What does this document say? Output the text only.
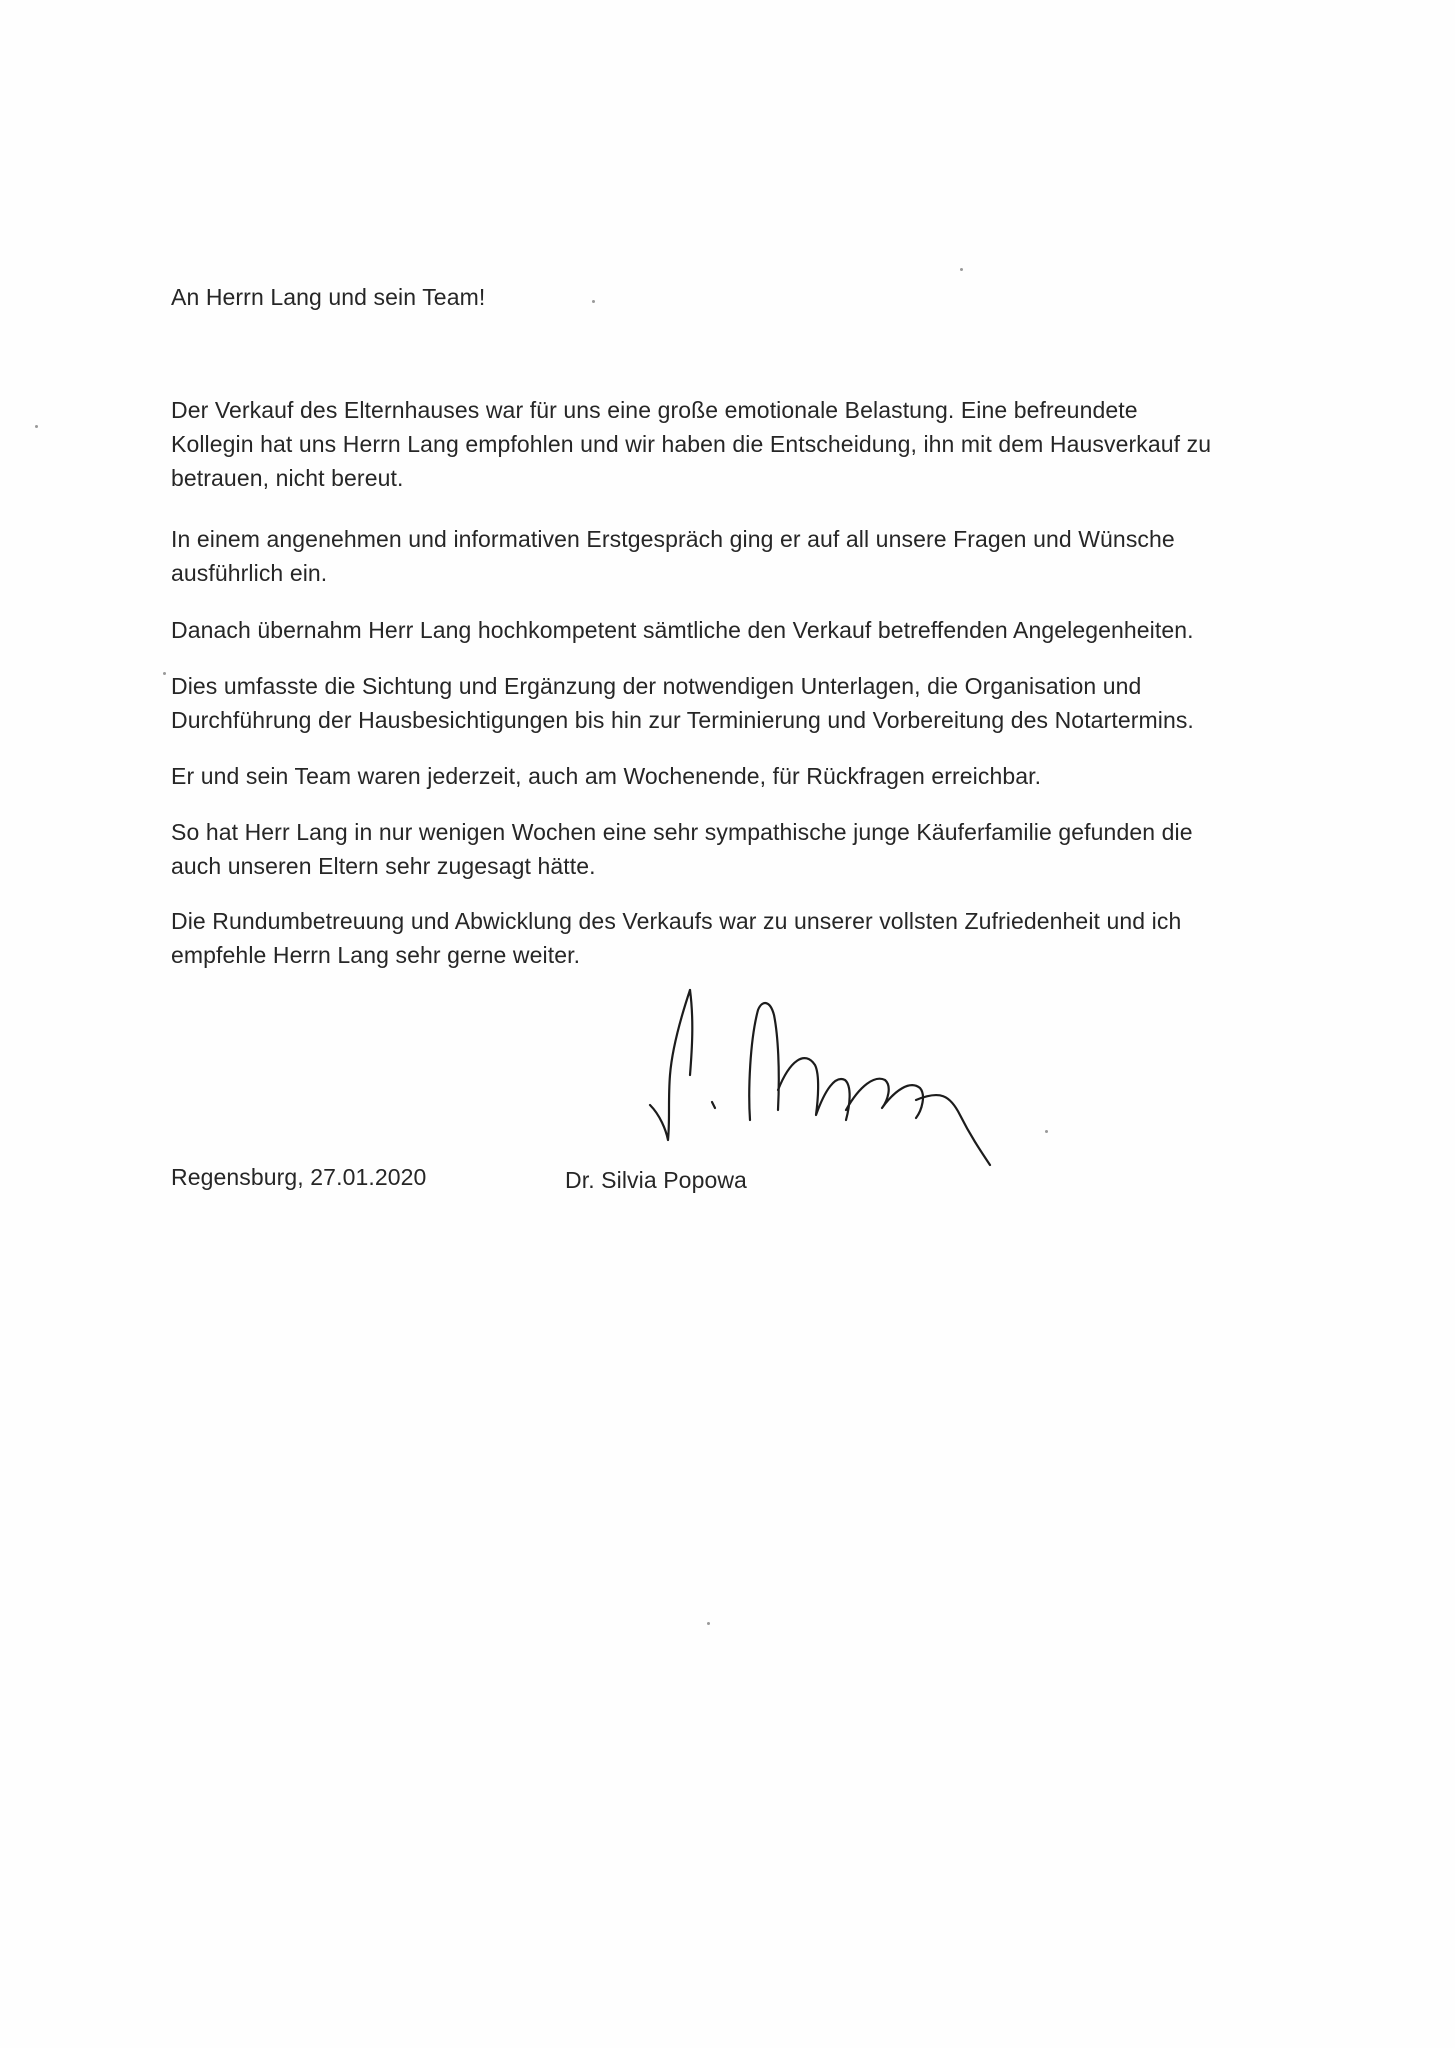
An Herrn Lang und sein Team!

Der Verkauf des Elternhauses war für uns eine große emotionale Belastung. Eine befreundete
Kollegin hat uns Herrn Lang empfohlen und wir haben die Entscheidung, ihn mit dem Hausverkauf zu
betrauen, nicht bereut.
In einem angenehmen und informativen Erstgespräch ging er auf all unsere Fragen und Wünsche
ausführlich ein.
Danach übernahm Herr Lang hochkompetent sämtliche den Verkauf betreffenden Angelegenheiten.
Dies umfasste die Sichtung und Ergänzung der notwendigen Unterlagen, die Organisation und
Durchführung der Hausbesichtigungen bis hin zur Terminierung und Vorbereitung des Notartermins.
Er und sein Team waren jederzeit, auch am Wochenende, für Rückfragen erreichbar.
So hat Herr Lang in nur wenigen Wochen eine sehr sympathische junge Käuferfamilie gefunden die
auch unseren Eltern sehr zugesagt hätte.
Die Rundumbetreuung und Abwicklung des Verkaufs war zu unserer vollsten Zufriedenheit und ich
empfehle Herrn Lang sehr gerne weiter.

Regensburg, 27.01.2020	Dr. Silvia Popowa
